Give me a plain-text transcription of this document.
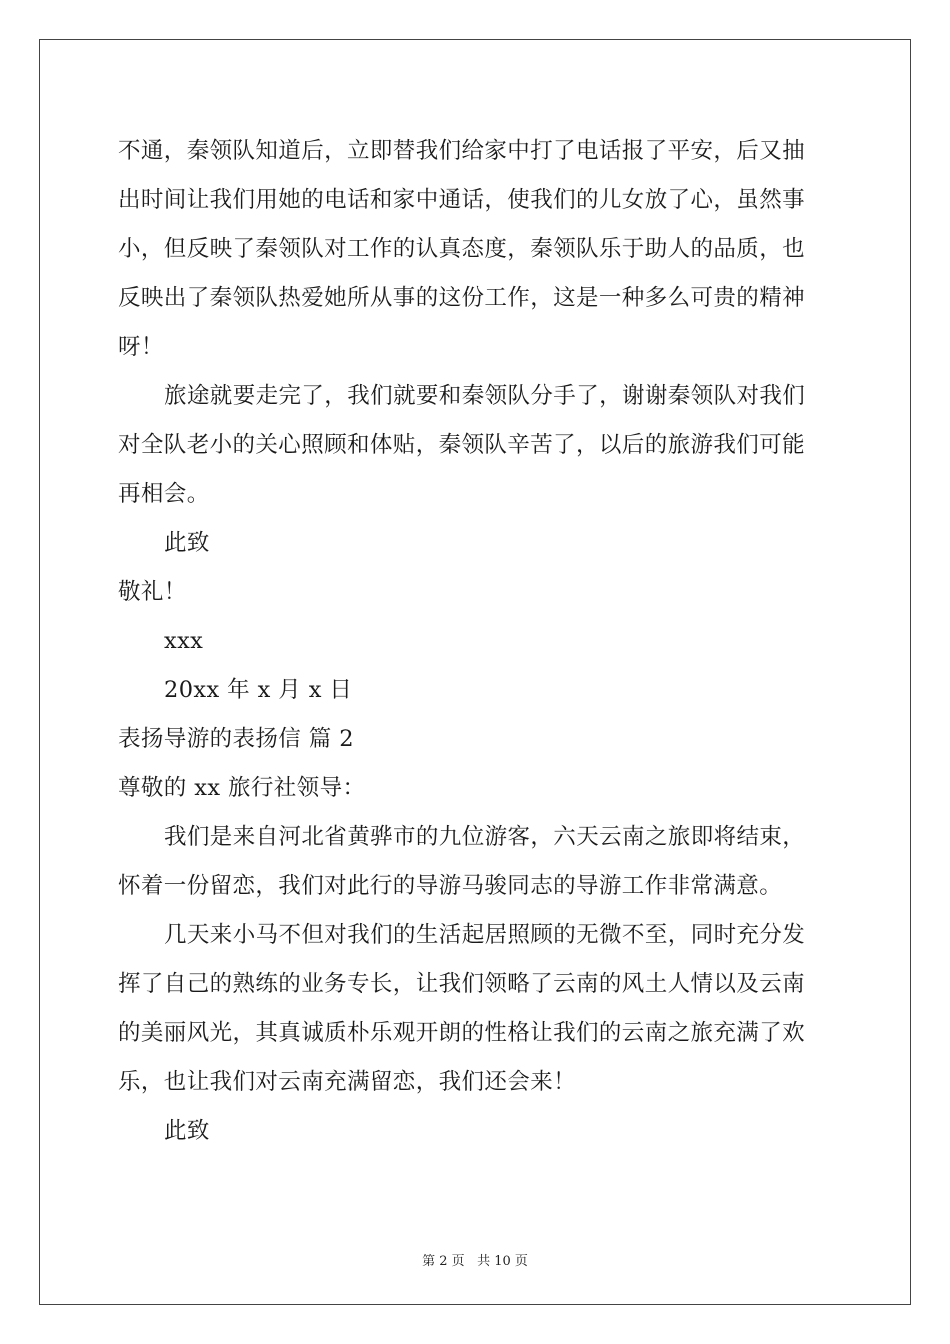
不通，秦领队知道后，立即替我们给家中打了电话报了平安，后又抽
出时间让我们用她的电话和家中通话，使我们的儿女放了心，虽然事
小，但反映了秦领队对工作的认真态度，秦领队乐于助人的品质，也
反映出了秦领队热爱她所从事的这份工作，这是一种多么可贵的精神
呀！
旅途就要走完了，我们就要和秦领队分手了，谢谢秦领队对我们
对全队老小的关心照顾和体贴，秦领队辛苦了，以后的旅游我们可能
再相会。
此致
敬礼！
xxx
20xx 年 x 月 x 日
表扬导游的表扬信 篇 2
尊敬的 xx 旅行社领导：
我们是来自河北省黄骅市的九位游客，六天云南之旅即将结束，
怀着一份留恋，我们对此行的导游马骏同志的导游工作非常满意。
几天来小马不但对我们的生活起居照顾的无微不至，同时充分发
挥了自己的熟练的业务专长，让我们领略了云南的风土人情以及云南
的美丽风光，其真诚质朴乐观开朗的性格让我们的云南之旅充满了欢
乐，也让我们对云南充满留恋，我们还会来！
此致
第 2 页 共 10 页
